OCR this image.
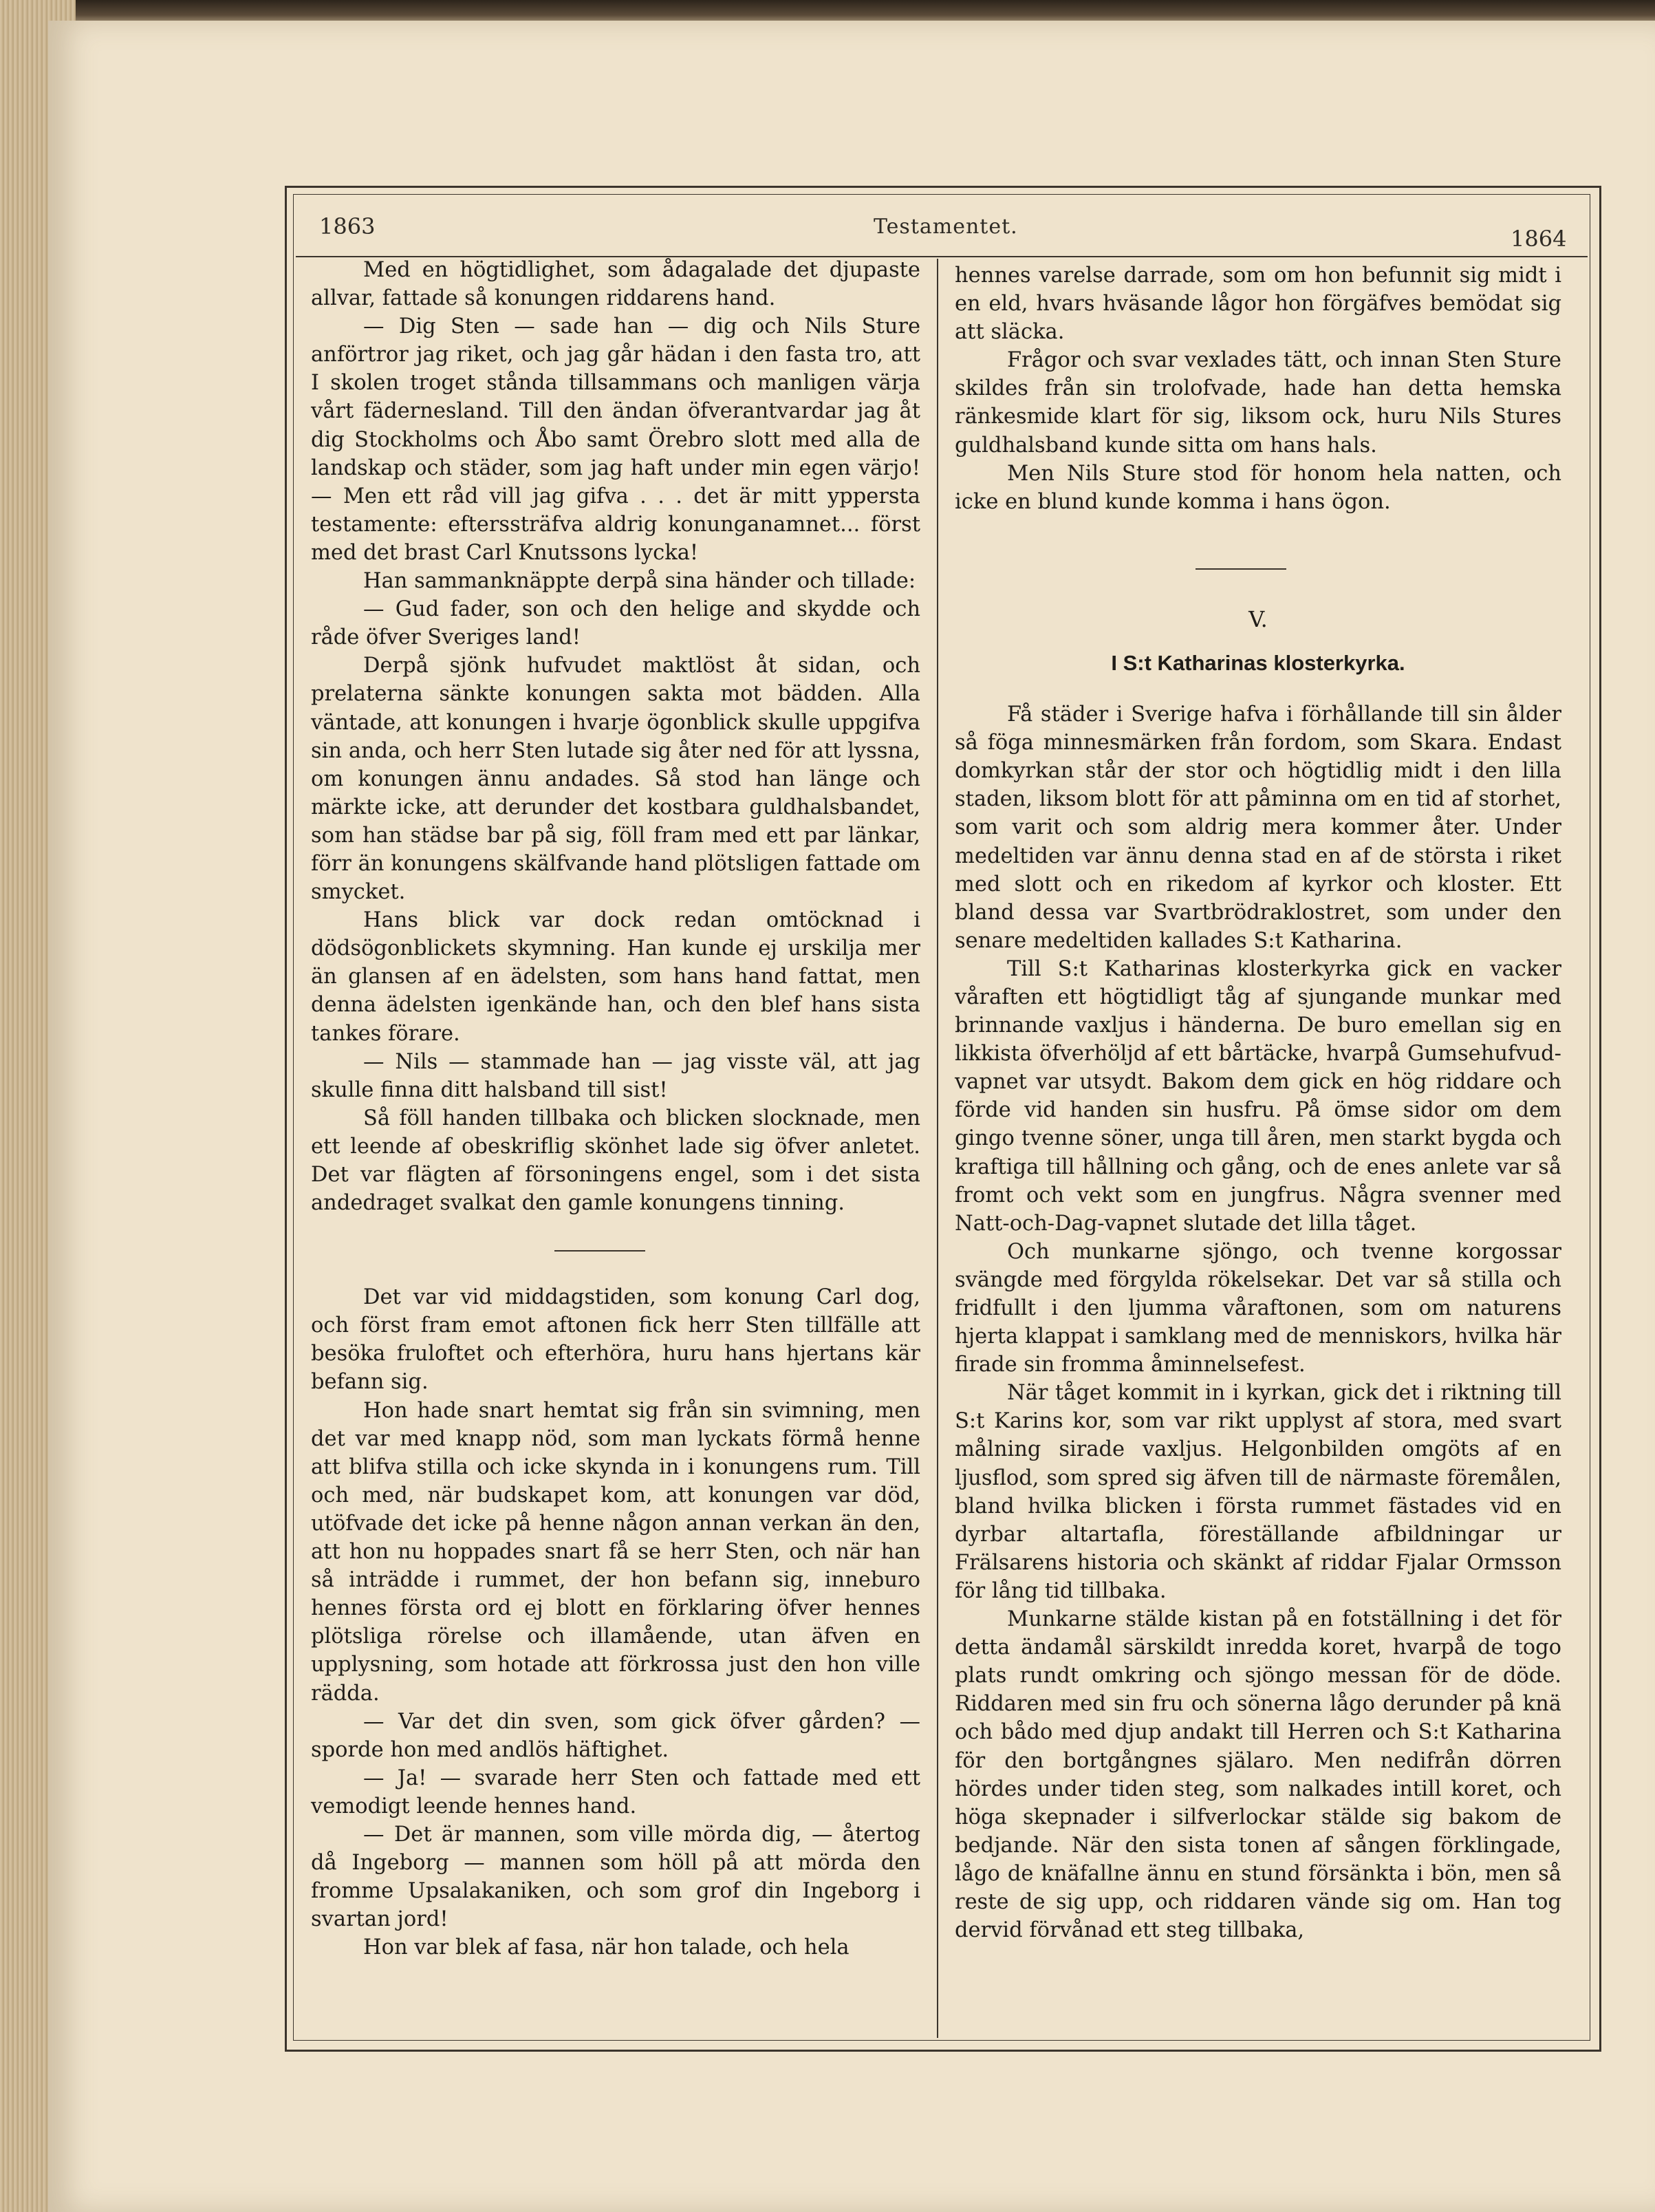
1863	Testamentet.	1864

Med en högtidlighet, som ådagalade det djupaste allvar, fattade så konungen riddarens hand.

— Dig Sten — sade han — dig och Nils Sture anförtror jag riket, och jag går hädan i den fasta tro, att I skolen troget stånda tillsammans och manligen värja vårt fädernesland. Till den ändan öfverantvardar jag åt dig Stockholms och Åbo samt Örebro slott med alla de landskap och städer, som jag haft under min egen värjo! — Men ett råd vill jag gifva . . . det är mitt yppersta testamente: efterssträfva aldrig konunganamnet... först med det brast Carl Knutssons lycka!

Han sammanknäppte derpå sina händer och tillade:

— Gud fader, son och den helige and skydde och råde öfver Sveriges land!

Derpå sjönk hufvudet maktlöst åt sidan, och prelaterna sänkte konungen sakta mot bädden. Alla väntade, att konungen i hvarje ögonblick skulle uppgifva sin anda, och herr Sten lutade sig åter ned för att lyssna, om konungen ännu andades. Så stod han länge och märkte icke, att derunder det kostbara guldhalsbandet, som han städse bar på sig, föll fram med ett par länkar, förr än konungens skälfvande hand plötsligen fattade om smycket.

Hans blick var dock redan omtöcknad i dödsögonblickets skymning. Han kunde ej urskilja mer än glansen af en ädelsten, som hans hand fattat, men denna ädelsten igenkände han, och den blef hans sista tankes förare.

— Nils — stammade han — jag visste väl, att jag skulle finna ditt halsband till sist!

Så föll handen tillbaka och blicken slocknade, men ett leende af obeskriflig skönhet lade sig öfver anletet. Det var flägten af försoningens engel, som i det sista andedraget svalkat den gamle konungens tinning.

Det var vid middagstiden, som konung Carl dog, och först fram emot aftonen fick herr Sten tillfälle att besöka fruloftet och efterhöra, huru hans hjertans kär befann sig.

Hon hade snart hemtat sig från sin svimning, men det var med knapp nöd, som man lyckats förmå henne att blifva stilla och icke skynda in i konungens rum. Till och med, när budskapet kom, att konungen var död, utöfvade det icke på henne någon annan verkan än den, att hon nu hoppades snart få se herr Sten, och när han så inträdde i rummet, der hon befann sig, inneburo hennes första ord ej blott en förklaring öfver hennes plötsliga rörelse och illamående, utan äfven en upplysning, som hotade att förkrossa just den hon ville rädda.

— Var det din sven, som gick öfver gården? — sporde hon med andlös häftighet.

— Ja! — svarade herr Sten och fattade med ett vemodigt leende hennes hand.

— Det är mannen, som ville mörda dig, — återtog då Ingeborg — mannen som höll på att mörda den fromme Upsalakaniken, och som grof din Ingeborg i svartan jord!

Hon var blek af fasa, när hon talade, och hela

hennes varelse darrade, som om hon befunnit sig midt i en eld, hvars hväsande lågor hon förgäfves bemödat sig att släcka.

Frågor och svar vexlades tätt, och innan Sten Sture skildes från sin trolofvade, hade han detta hemska ränkesmide klart för sig, liksom ock, huru Nils Stures guldhalsband kunde sitta om hans hals.

Men Nils Sture stod för honom hela natten, och icke en blund kunde komma i hans ögon.

V.
I S:t Katharinas klosterkyrka.

Få städer i Sverige hafva i förhållande till sin ålder så föga minnesmärken från fordom, som Skara. Endast domkyrkan står der stor och högtidlig midt i den lilla staden, liksom blott för att påminna om en tid af storhet, som varit och som aldrig mera kommer åter. Under medeltiden var ännu denna stad en af de största i riket med slott och en rikedom af kyrkor och kloster. Ett bland dessa var Svartbrödraklostret, som under den senare medeltiden kallades S:t Katharina.

Till S:t Katharinas klosterkyrka gick en vacker våraften ett högtidligt tåg af sjungande munkar med brinnande vaxljus i händerna. De buro emellan sig en likkista öfverhöljd af ett bårtäcke, hvarpå Gumsehufvud-vapnet var utsydt. Bakom dem gick en hög riddare och förde vid handen sin husfru. På ömse sidor om dem gingo tvenne söner, unga till åren, men starkt bygda och kraftiga till hållning och gång, och de enes anlete var så fromt och vekt som en jungfrus. Några svenner med Natt-och-Dag-vapnet slutade det lilla tåget.

Och munkarne sjöngo, och tvenne korgossar svängde med förgylda rökelsekar. Det var så stilla och fridfullt i den ljumma våraftonen, som om naturens hjerta klappat i samklang med de menniskors, hvilka här firade sin fromma åminnelsefest.

När tåget kommit in i kyrkan, gick det i riktning till S:t Karins kor, som var rikt upplyst af stora, med svart målning sirade vaxljus. Helgonbilden omgöts af en ljusflod, som spred sig äfven till de närmaste föremålen, bland hvilka blicken i första rummet fästades vid en dyrbar altartafla, föreställande afbildningar ur Frälsarens historia och skänkt af riddar Fjalar Ormsson för lång tid tillbaka.

Munkarne stälde kistan på en fotställning i det för detta ändamål särskildt inredda koret, hvarpå de togo plats rundt omkring och sjöngo messan för de döde. Riddaren med sin fru och sönerna lågo derunder på knä och bådo med djup andakt till Herren och S:t Katharina för den bortgångnes själaro. Men nedifrån dörren hördes under tiden steg, som nalkades intill koret, och höga skepnader i silfverlockar stälde sig bakom de bedjande. När den sista tonen af sången förklingade, lågo de knäfallne ännu en stund försänkta i bön, men så reste de sig upp, och riddaren vände sig om. Han tog dervid förvånad ett steg tillbaka,
